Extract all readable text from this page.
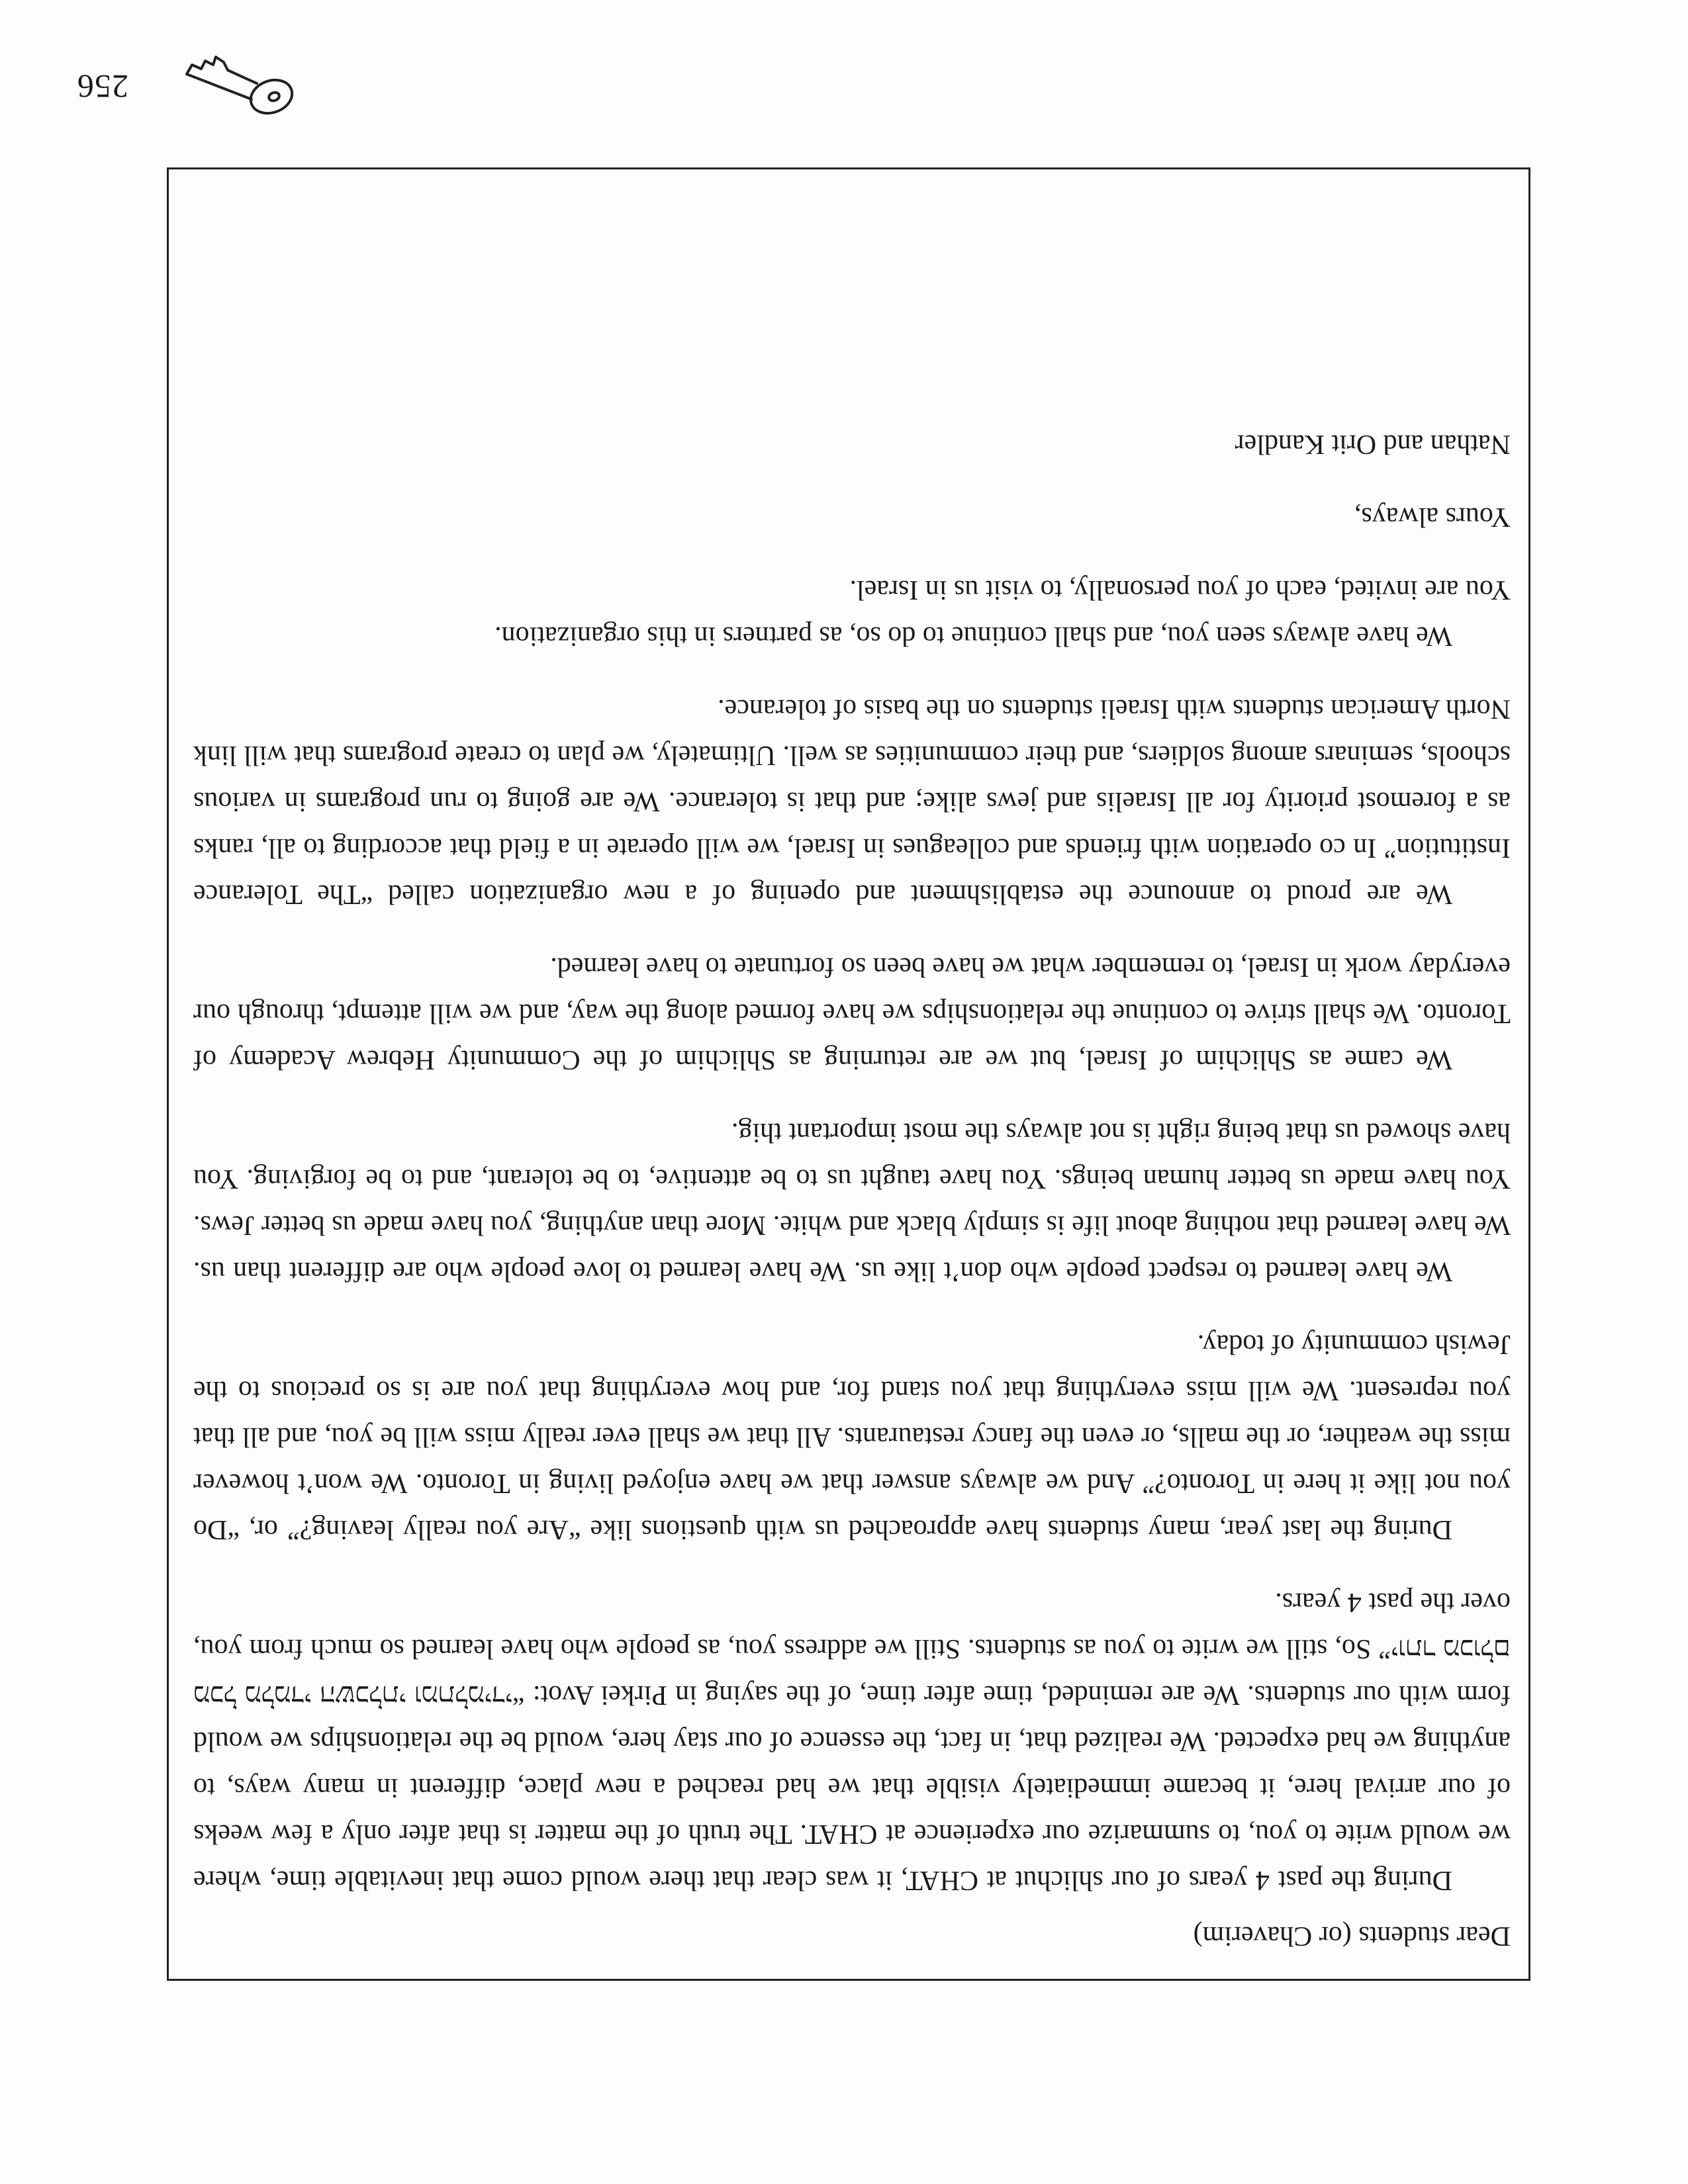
256

Dear students (or Chaverim)

During the past 4 years of our shlichut at CHAT, it was clear that there would come that inevitable time, where we would write to you, to summarize our experience at CHAT. The truth of the matter is that after only a few weeks of our arrival here, it became immediately visible that we had reached a new place, different in many ways, to anything we had expected. We realized that, in fact, the essence of our stay here, would be the relationships we would form with our students. We are reminded, time after time, of the saying in Pirkei Avot: “מכל מלמדי השכלתי ומתלמידי יותר מכולם” So, still we write to you as students. Still we address you, as people who have learned so much from you, over the past 4 years.

During the last year, many students have approached us with questions like “Are you really leaving?” or, “Do you not like it here in Toronto?” And we always answer that we have enjoyed living in Toronto. We won’t however miss the weather, or the malls, or even the fancy restaurants. All that we shall ever really miss will be you, and all that you represent. We will miss everything that you stand for, and how everything that you are is so precious to the Jewish community of today.

We have learned to respect people who don’t like us. We have learned to love people who are different than us. We have learned that nothing about life is simply black and white. More than anything, you have made us better Jews. You have made us better human beings. You have taught us to be attentive, to be tolerant, and to be forgiving. You have showed us that being right is not always the most important thig.

We came as Shlichim of Israel, but we are returning as Shlichim of the Community Hebrew Academy of Toronto. We shall strive to continue the relationships we have formed along the way, and we will attempt, through our everyday work in Israel, to remember what we have been so fortunate to have learned.

We are proud to announce the establishment and opening of a new organization called “The Tolerance Institution” In co operation with friends and colleagues in Israel, we will operate in a field that according to all, ranks as a foremost priority for all Israelis and jews alike; and that is tolerance. We are going to run programs in various schools, seminars among soldiers, and their communities as well. Ultimately, we plan to create programs that will link North American students with Israeli students on the basis of tolerance.

We have always seen you, and shall continue to do so, as partners in this organization.

You are invited, each of you personally, to visit us in Israel.

Yours always,

Nathan and Orit Kandler
